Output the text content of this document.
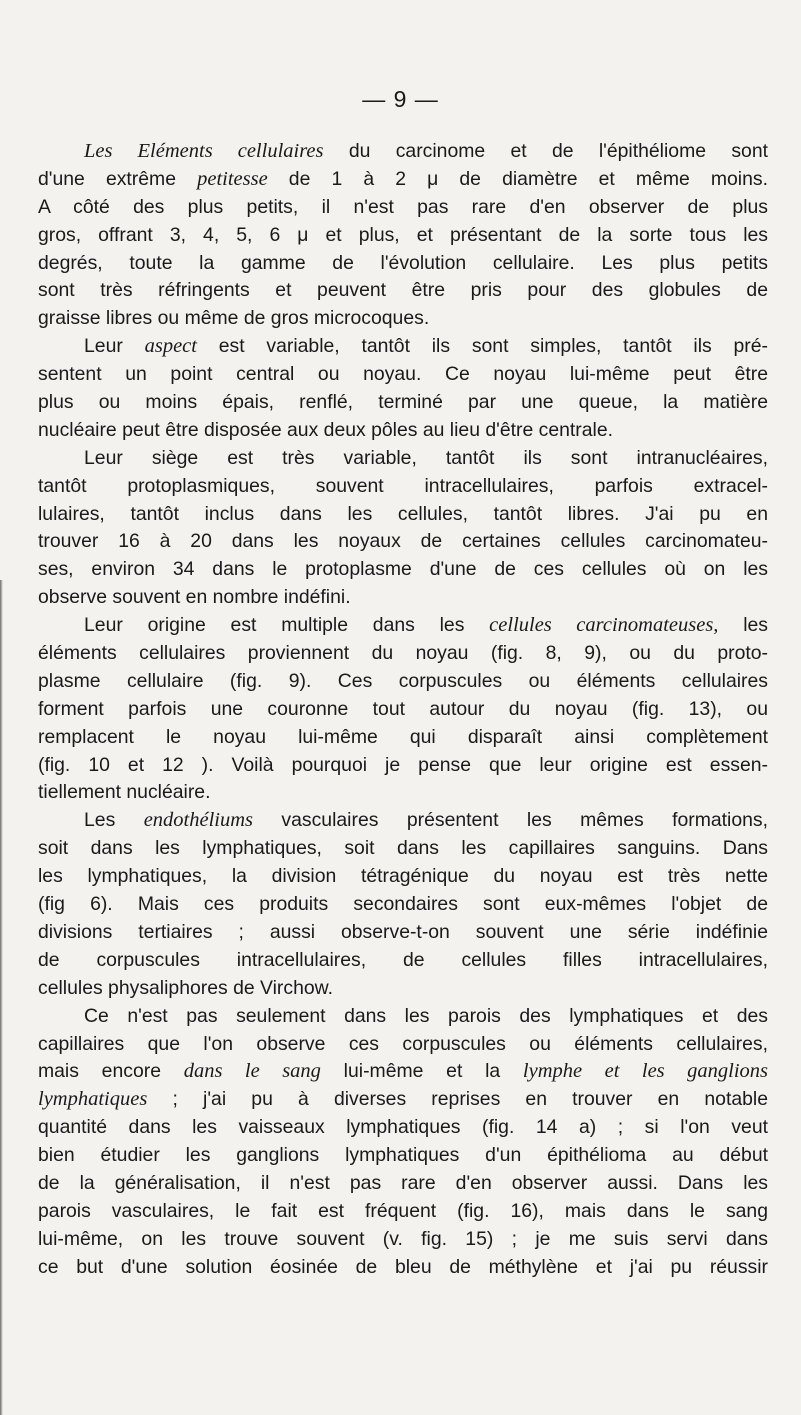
— 9 —
Les Eléments cellulaires du carcinome et de l'épithéliome sont
d'une extrême petitesse de 1 à 2 μ de diamètre et même moins.
A côté des plus petits, il n'est pas rare d'en observer de plus
gros, offrant 3, 4, 5, 6 μ et plus, et présentant de la sorte tous les
degrés, toute la gamme de l'évolution cellulaire. Les plus petits
sont très réfringents et peuvent être pris pour des globules de
graisse libres ou même de gros microcoques.
Leur aspect est variable, tantôt ils sont simples, tantôt ils pré-
sentent un point central ou noyau. Ce noyau lui-même peut être
plus ou moins épais, renflé, terminé par une queue, la matière
nucléaire peut être disposée aux deux pôles au lieu d'être centrale.
Leur siège est très variable, tantôt ils sont intranucléaires,
tantôt protoplasmiques, souvent intracellulaires, parfois extracel-
lulaires, tantôt inclus dans les cellules, tantôt libres. J'ai pu en
trouver 16 à 20 dans les noyaux de certaines cellules carcinomateu-
ses, environ 34 dans le protoplasme d'une de ces cellules où on les
observe souvent en nombre indéfini.
Leur origine est multiple dans les cellules carcinomateuses, les
éléments cellulaires proviennent du noyau (fig. 8, 9), ou du proto-
plasme cellulaire (fig. 9). Ces corpuscules ou éléments cellulaires
forment parfois une couronne tout autour du noyau (fig. 13), ou
remplacent le noyau lui-même qui disparaît ainsi complètement
(fig. 10 et 12 ). Voilà pourquoi je pense que leur origine est essen-
tiellement nucléaire.
Les endothéliums vasculaires présentent les mêmes formations,
soit dans les lymphatiques, soit dans les capillaires sanguins. Dans
les lymphatiques, la division tétragénique du noyau est très nette
(fig 6). Mais ces produits secondaires sont eux-mêmes l'objet de
divisions tertiaires ; aussi observe-t-on souvent une série indéfinie
de corpuscules intracellulaires, de cellules filles intracellulaires,
cellules physaliphores de Virchow.
Ce n'est pas seulement dans les parois des lymphatiques et des
capillaires que l'on observe ces corpuscules ou éléments cellulaires,
mais encore dans le sang lui-même et la lymphe et les ganglions
lymphatiques ; j'ai pu à diverses reprises en trouver en notable
quantité dans les vaisseaux lymphatiques (fig. 14 a) ; si l'on veut
bien étudier les ganglions lymphatiques d'un épithélioma au début
de la généralisation, il n'est pas rare d'en observer aussi. Dans les
parois vasculaires, le fait est fréquent (fig. 16), mais dans le sang
lui-même, on les trouve souvent (v. fig. 15) ; je me suis servi dans
ce but d'une solution éosinée de bleu de méthylène et j'ai pu réussir
